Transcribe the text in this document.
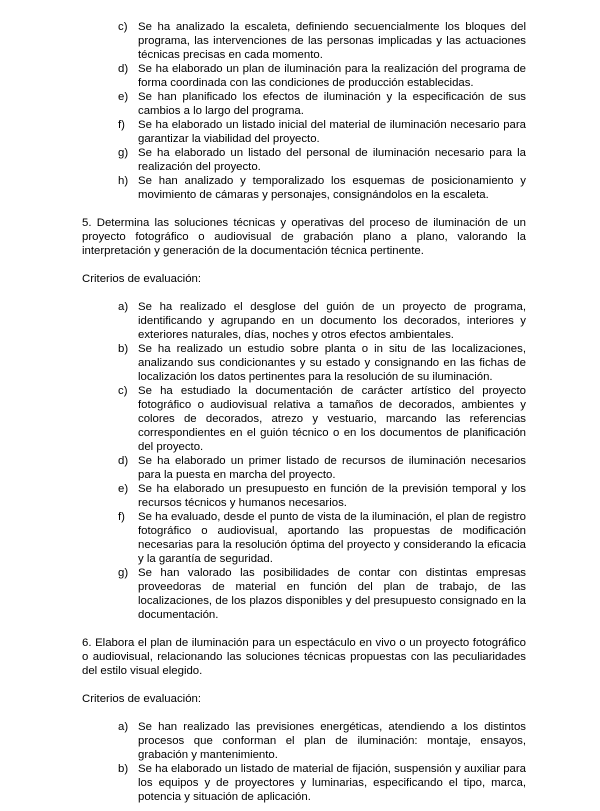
c) Se ha analizado la escaleta, definiendo secuencialmente los bloques del programa, las intervenciones de las personas implicadas y las actuaciones técnicas precisas en cada momento.
d) Se ha elaborado un plan de iluminación para la realización del programa de forma coordinada con las condiciones de producción establecidas.
e) Se han planificado los efectos de iluminación y la especificación de sus cambios a lo largo del programa.
f) Se ha elaborado un listado inicial del material de iluminación necesario para garantizar la viabilidad del proyecto.
g) Se ha elaborado un listado del personal de iluminación necesario para la realización del proyecto.
h) Se han analizado y temporalizado los esquemas de posicionamiento y movimiento de cámaras y personajes, consignándolos en la escaleta.

5. Determina las soluciones técnicas y operativas del proceso de iluminación de un proyecto fotográfico o audiovisual de grabación plano a plano, valorando la interpretación y generación de la documentación técnica pertinente.

Criterios de evaluación:

a) Se ha realizado el desglose del guión de un proyecto de programa, identificando y agrupando en un documento los decorados, interiores y exteriores naturales, días, noches y otros efectos ambientales.
b) Se ha realizado un estudio sobre planta o in situ de las localizaciones, analizando sus condicionantes y su estado y consignando en las fichas de localización los datos pertinentes para la resolución de su iluminación.
c) Se ha estudiado la documentación de carácter artístico del proyecto fotográfico o audiovisual relativa a tamaños de decorados, ambientes y colores de decorados, atrezo y vestuario, marcando las referencias correspondientes en el guión técnico o en los documentos de planificación del proyecto.
d) Se ha elaborado un primer listado de recursos de iluminación necesarios para la puesta en marcha del proyecto.
e) Se ha elaborado un presupuesto en función de la previsión temporal y los recursos técnicos y humanos necesarios.
f) Se ha evaluado, desde el punto de vista de la iluminación, el plan de registro fotográfico o audiovisual, aportando las propuestas de modificación necesarias para la resolución óptima del proyecto y considerando la eficacia y la garantía de seguridad.
g) Se han valorado las posibilidades de contar con distintas empresas proveedoras de material en función del plan de trabajo, de las localizaciones, de los plazos disponibles y del presupuesto consignado en la documentación.

6. Elabora el plan de iluminación para un espectáculo en vivo o un proyecto fotográfico o audiovisual, relacionando las soluciones técnicas propuestas con las peculiaridades del estilo visual elegido.

Criterios de evaluación:

a) Se han realizado las previsiones energéticas, atendiendo a los distintos procesos que conforman el plan de iluminación: montaje, ensayos, grabación y mantenimiento.
b) Se ha elaborado un listado de material de fijación, suspensión y auxiliar para los equipos y de proyectores y luminarias, especificando el tipo, marca, potencia y situación de aplicación.
